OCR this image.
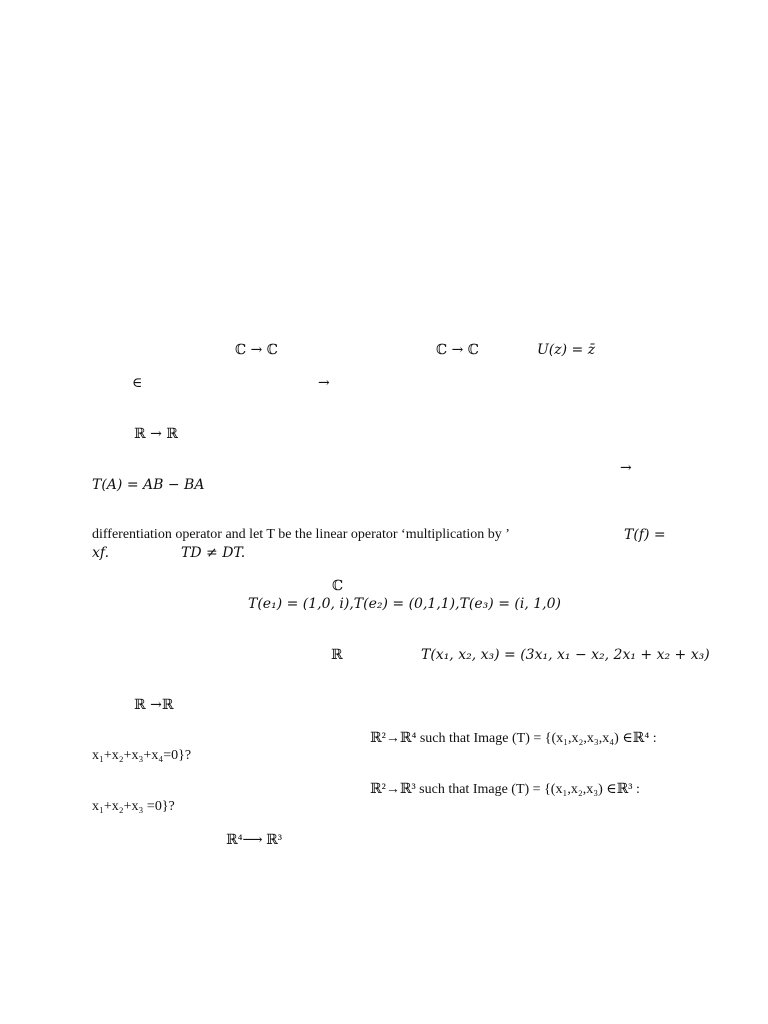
ℂ → ℂ	ℂ → ℂ	U(z) = z̄
∈	→
ℝ → ℝ
→
T(A) = AB − BA
differentiation operator and let T be the linear operator ‘multiplication by ’	T(f) =
xf.	TD ≠ DT.
ℂ
T(e₁) = (1,0, i),T(e₂) = (0,1,1),T(e₃) = (i, 1,0)
ℝ	T(x₁, x₂, x₃) = (3x₁, x₁ − x₂, 2x₁ + x₂ + x₃)
ℝ →ℝ
ℝ²→ℝ⁴ such that Image (T) = {(x₁,x₂,x₃,x₄) ∈ℝ⁴ :
x₁+x₂+x₃+x₄=0}?
ℝ²→ℝ³ such that Image (T) = {(x₁,x₂,x₃) ∈ℝ³ :
x₁+x₂+x₃ =0}?
ℝ⁴⟶ ℝ³
